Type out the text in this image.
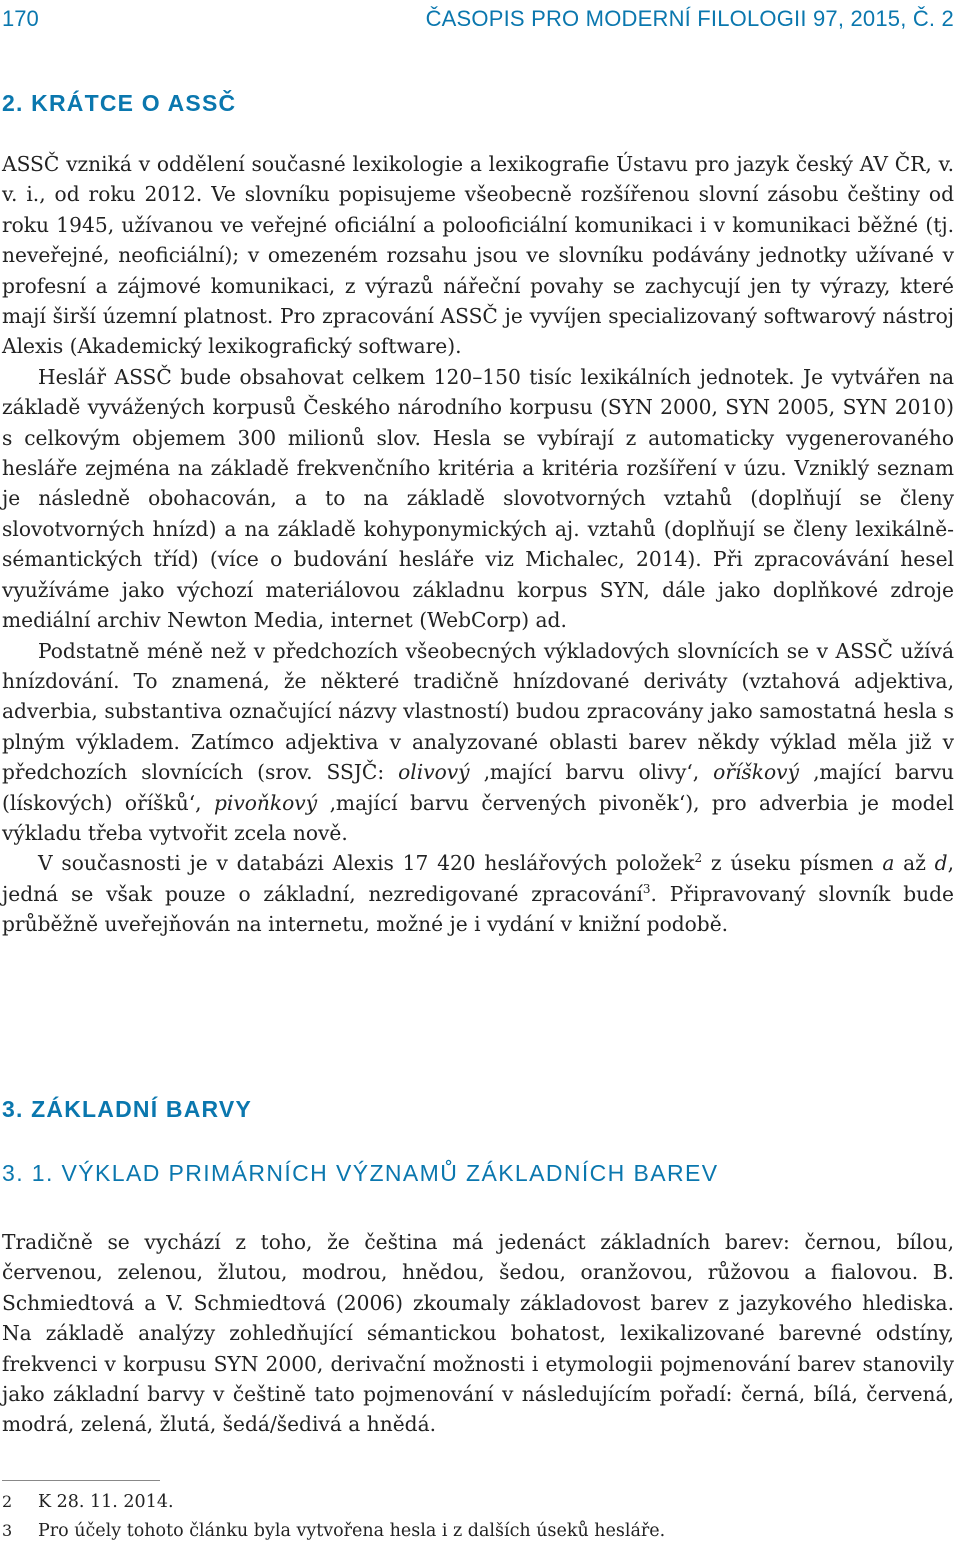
170	ČASOPIS PRO MODERNÍ FILOLOGII 97, 2015, Č. 2
2. KRÁTCE O ASSČ

ASSČ vzniká v oddělení současné lexikologie a lexikografie Ústavu pro jazyk český AV ČR, v. v. i., od roku 2012. Ve slovníku popisujeme všeobecně rozšířenou slovní zásobu češtiny od roku 1945, užívanou ve veřejné oficiální a polooficiální komunikaci i v komunikaci běžné (tj. neveřejné, neoficiální); v omezeném rozsahu jsou ve slovníku podávány jednotky užívané v profesní a zájmové komunikaci, z výrazů nářeční povahy se zachycují jen ty výrazy, které mají širší územní platnost. Pro zpracování ASSČ je vyvíjen specializovaný softwarový nástroj Alexis (Akademický lexikografický software).
Heslář ASSČ bude obsahovat celkem 120–150 tisíc lexikálních jednotek. Je vytvářen na základě vyvážených korpusů Českého národního korpusu (SYN 2000, SYN 2005, SYN 2010) s celkovým objemem 300 milionů slov. Hesla se vybírají z automaticky vygenerovaného hesláře zejména na základě frekvenčního kritéria a kritéria rozšíření v úzu. Vzniklý seznam je následně obohacován, a to na základě slovotvorných vztahů (doplňují se členy slovotvorných hnízd) a na základě kohyponymických aj. vztahů (doplňují se členy lexikálně-sémantických tříd) (více o budování hesláře viz Michalec, 2014). Při zpracovávání hesel využíváme jako výchozí materiálovou základnu korpus SYN, dále jako doplňkové zdroje mediální archiv Newton Media, internet (WebCorp) ad.

Podstatně méně než v předchozích všeobecných výkladových slovnících se v ASSČ užívá hnízdování. To znamená, že některé tradičně hnízdované deriváty (vztahová adjektiva, adverbia, substantiva označující názvy vlastností) budou zpracovány jako samostatná hesla s plným výkladem. Zatímco adjektiva v analyzované oblasti barev někdy výklad měla již v předchozích slovnících (srov. SSJČ: olivový ‚mající barvu olivy‘, oříškový ‚mající barvu (lískových) oříšků‘, pivoňkový ‚mající barvu červených pivoněk‘), pro adverbia je model výkladu třeba vytvořit zcela nově.

V současnosti je v databázi Alexis 17 420 heslářových položek$^2$ z úseku písmen a až d, jedná se však pouze o základní, nezredigované zpracování$^3$. Připravovaný slovník bude průběžně uveřejňován na internetu, možné je i vydání v knižní podobě.

3. ZÁKLADNÍ BARVY
3. 1. VÝKLAD PRIMÁRNÍCH VÝZNAMŮ ZÁKLADNÍCH BAREV

Tradičně se vychází z toho, že čeština má jedenáct základních barev: černou, bílou, červenou, zelenou, žlutou, modrou, hnědou, šedou, oranžovou, růžovou a fialovou. B. Schmiedtová a V. Schmiedtová (2006) zkoumaly základovost barev z jazykového hlediska. Na základě analýzy zohledňující sémantickou bohatost, lexikalizované barevné odstíny, frekvenci v korpusu SYN 2000, derivační možnosti i etymologii pojmenování barev stanovily jako základní barvy v češtině tato pojmenování v následujícím pořadí: černá, bílá, červená, modrá, zelená, žlutá, šedá/šedivá a hnědá.

2 K 28. 11. 2014.
3 Pro účely tohoto článku byla vytvořena hesla i z dalších úseků hesláře.
